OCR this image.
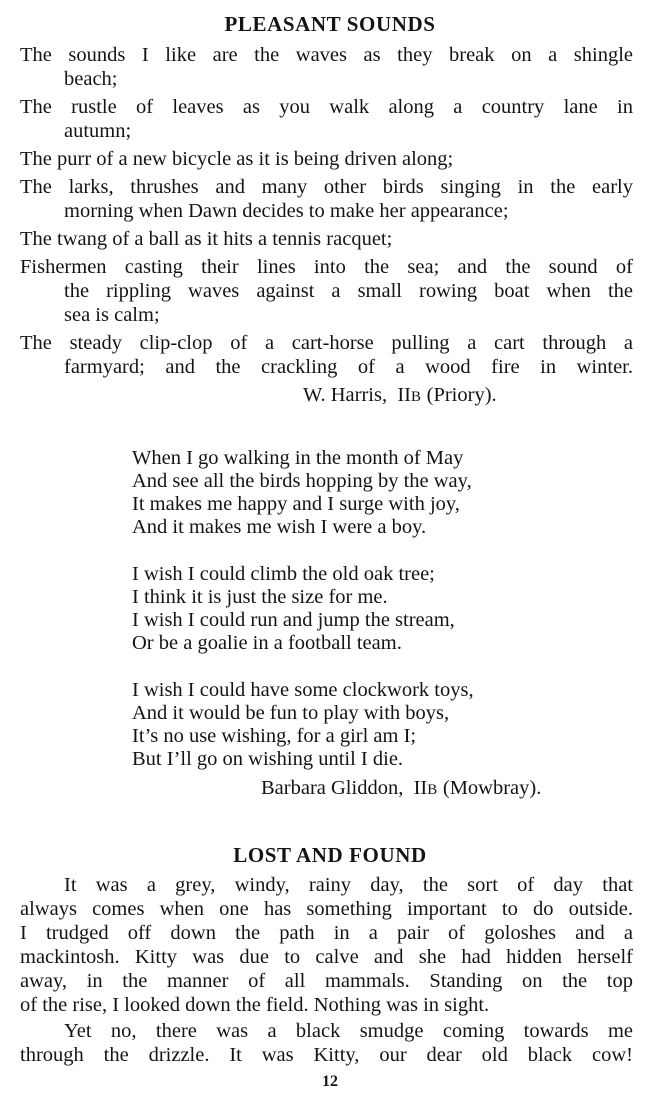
PLEASANT SOUNDS
The sounds I like are the waves as they break on a shingle
beach;
The rustle of leaves as you walk along a country lane in
autumn;
The purr of a new bicycle as it is being driven along;
The larks, thrushes and many other birds singing in the early
morning when Dawn decides to make her appearance;
The twang of a ball as it hits a tennis racquet;
Fishermen casting their lines into the sea; and the sound of
the rippling waves against a small rowing boat when the
sea is calm;
The steady clip-clop of a cart-horse pulling a cart through a
farmyard; and the crackling of a wood fire in winter.
W. Harris, IIB (Priory).
When I go walking in the month of May
And see all the birds hopping by the way,
It makes me happy and I surge with joy,
And it makes me wish I were a boy.
I wish I could climb the old oak tree;
I think it is just the size for me.
I wish I could run and jump the stream,
Or be a goalie in a football team.
I wish I could have some clockwork toys,
And it would be fun to play with boys,
It’s no use wishing, for a girl am I;
But I’ll go on wishing until I die.
Barbara Gliddon, IIB (Mowbray).
LOST AND FOUND
It was a grey, windy, rainy day, the sort of day that
always comes when one has something important to do outside.
I trudged off down the path in a pair of goloshes and a
mackintosh. Kitty was due to calve and she had hidden herself
away, in the manner of all mammals. Standing on the top
of the rise, I looked down the field. Nothing was in sight.
Yet no, there was a black smudge coming towards me
through the drizzle. It was Kitty, our dear old black cow!
12
